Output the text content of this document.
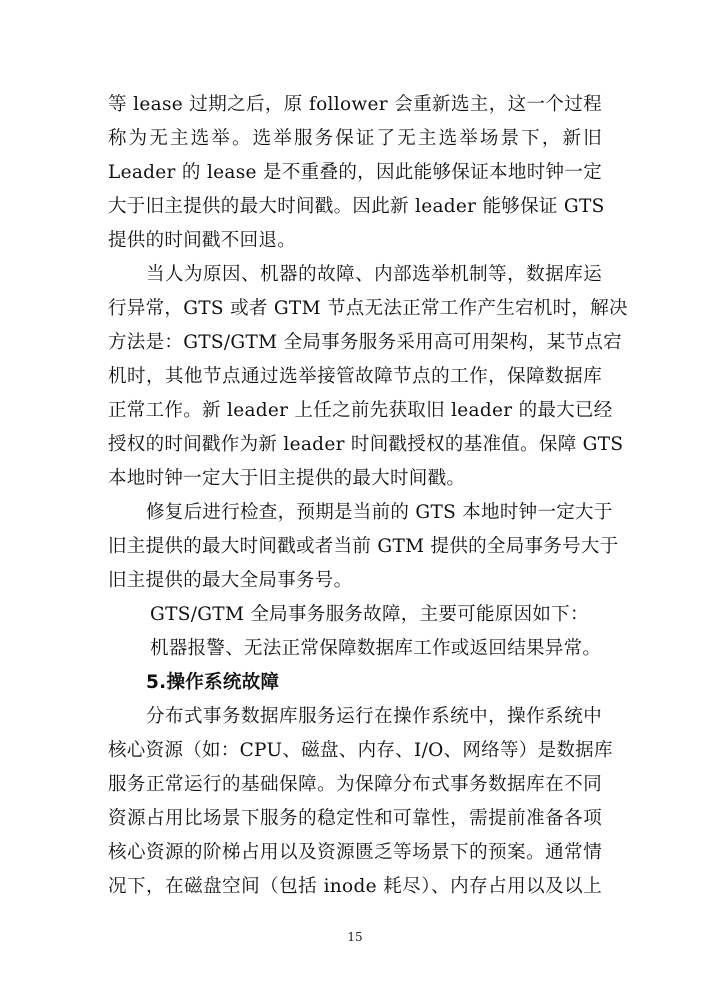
等 lease 过期之后，原 follower 会重新选主，这一个过程
称为无主选举。选举服务保证了无主选举场景下，新旧
Leader 的 lease 是不重叠的，因此能够保证本地时钟一定
大于旧主提供的最大时间戳。因此新 leader 能够保证 GTS
提供的时间戳不回退。
当人为原因、机器的故障、内部选举机制等，数据库运
行异常，GTS 或者 GTM 节点无法正常工作产生宕机时，解决
方法是：GTS/GTM 全局事务服务采用高可用架构，某节点宕
机时，其他节点通过选举接管故障节点的工作，保障数据库
正常工作。新 leader 上任之前先获取旧 leader 的最大已经
授权的时间戳作为新 leader 时间戳授权的基准值。保障 GTS
本地时钟一定大于旧主提供的最大时间戳。
修复后进行检查，预期是当前的 GTS 本地时钟一定大于
旧主提供的最大时间戳或者当前 GTM 提供的全局事务号大于
旧主提供的最大全局事务号。
GTS/GTM 全局事务服务故障，主要可能原因如下：
机器报警、无法正常保障数据库工作或返回结果异常。
5.操作系统故障
分布式事务数据库服务运行在操作系统中，操作系统中
核心资源（如：CPU、磁盘、内存、I/O、网络等）是数据库
服务正常运行的基础保障。为保障分布式事务数据库在不同
资源占用比场景下服务的稳定性和可靠性，需提前准备各项
核心资源的阶梯占用以及资源匮乏等场景下的预案。通常情
况下，在磁盘空间（包括 inode 耗尽）、内存占用以及以上
15
